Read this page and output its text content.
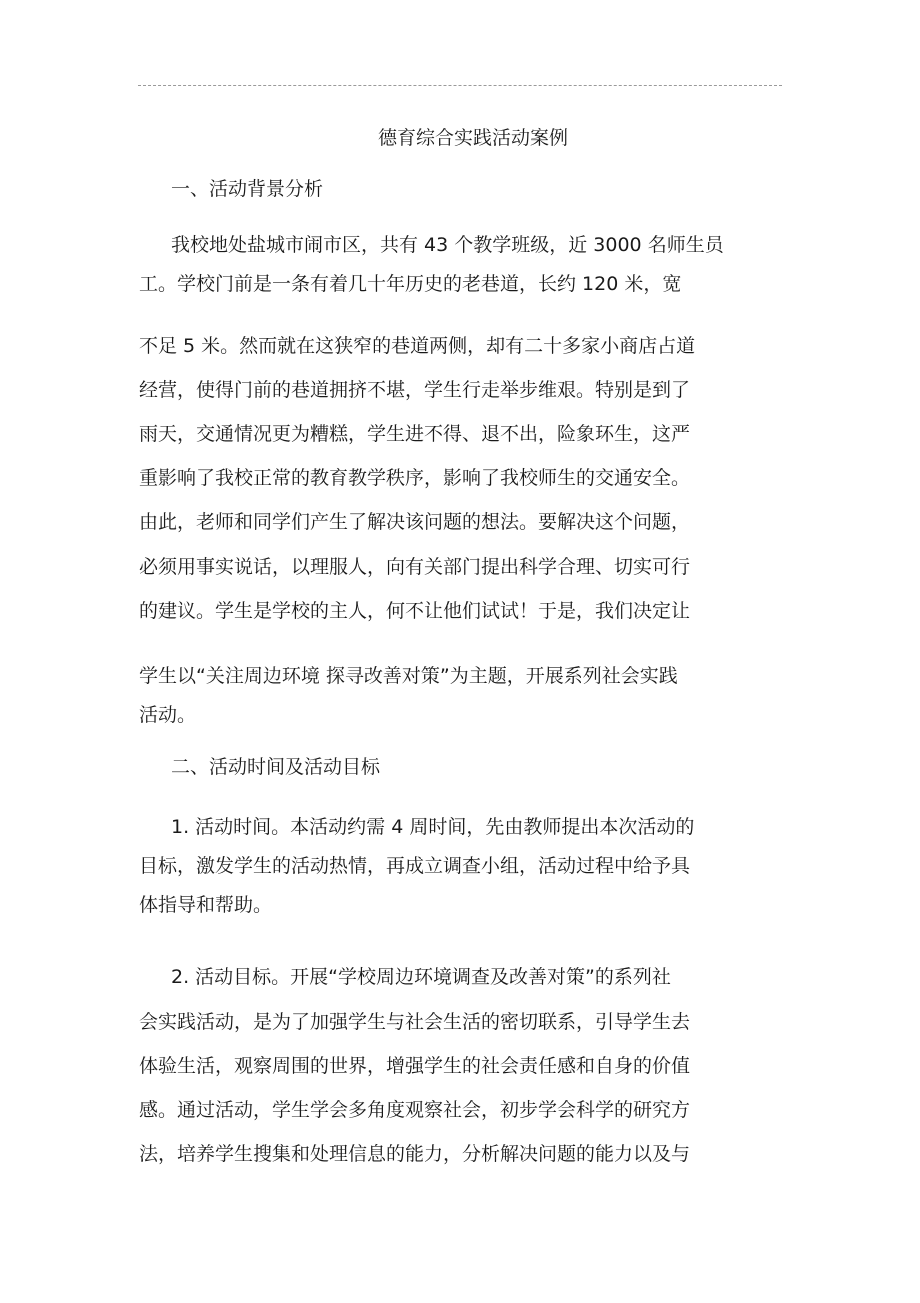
德育综合实践活动案例

一、活动背景分析

我校地处盐城市闹市区，共有 43 个教学班级，近 3000 名师生员

工。学校门前是一条有着几十年历史的老巷道，长约 120 米，宽

不足 5 米。然而就在这狭窄的巷道两侧，却有二十多家小商店占道

经营，使得门前的巷道拥挤不堪，学生行走举步维艰。特别是到了

雨天，交通情况更为糟糕，学生进不得、退不出，险象环生，这严

重影响了我校正常的教育教学秩序，影响了我校师生的交通安全。

由此，老师和同学们产生了解决该问题的想法。要解决这个问题，

必须用事实说话，以理服人，向有关部门提出科学合理、切实可行

的建议。学生是学校的主人，何不让他们试试！于是，我们决定让

学生以“关注周边环境 探寻改善对策”为主题，开展系列社会实践

活动。

二、活动时间及活动目标

1. 活动时间。本活动约需 4 周时间，先由教师提出本次活动的

目标，激发学生的活动热情，再成立调查小组，活动过程中给予具

体指导和帮助。

2. 活动目标。开展“学校周边环境调查及改善对策”的系列社

会实践活动，是为了加强学生与社会生活的密切联系，引导学生去

体验生活，观察周围的世界，增强学生的社会责任感和自身的价值

感。通过活动，学生学会多角度观察社会，初步学会科学的研究方

法，培养学生搜集和处理信息的能力，分析解决问题的能力以及与
